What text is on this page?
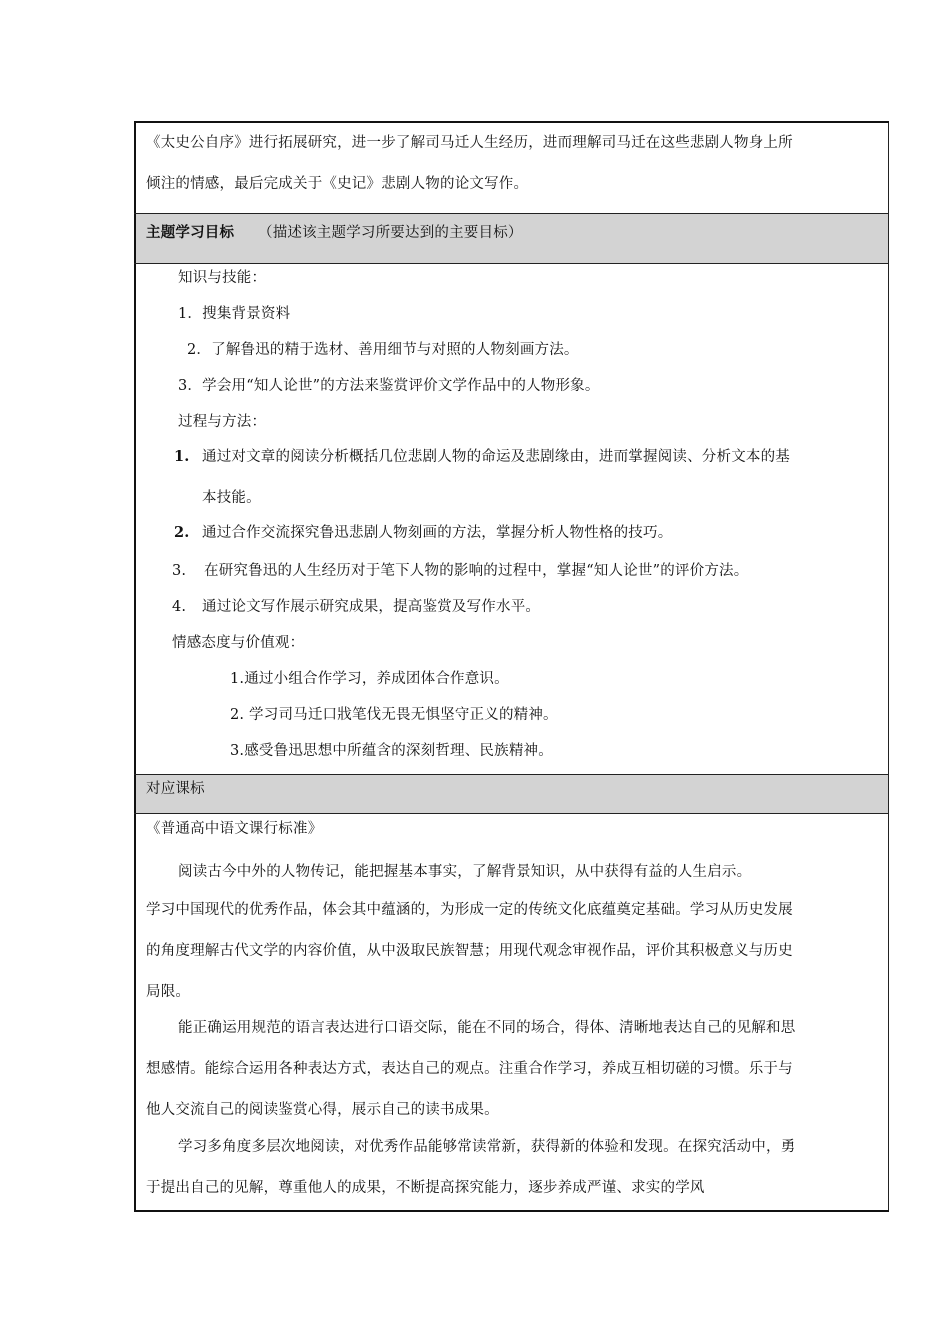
《太史公自序》进行拓展研究，进一步了解司马迁人生经历，进而理解司马迁在这些悲剧人物身上所
倾注的情感，最后完成关于《史记》悲剧人物的论文写作。
主题学习目标 （描述该主题学习所要达到的主要目标）
知识与技能：
1．搜集背景资料
2．了解鲁迅的精于选材、善用细节与对照的人物刻画方法。
3．学会用“知人论世”的方法来鉴赏评价文学作品中的人物形象。
过程与方法：
1. 通过对文章的阅读分析概括几位悲剧人物的命运及悲剧缘由，进而掌握阅读、分析文本的基
本技能。
2. 通过合作交流探究鲁迅悲剧人物刻画的方法，掌握分析人物性格的技巧。
3. 在研究鲁迅的人生经历对于笔下人物的影响的过程中，掌握“知人论世”的评价方法。
4. 通过论文写作展示研究成果，提高鉴赏及写作水平。
情感态度与价值观：
1.通过小组合作学习，养成团体合作意识。
2. 学习司马迁口戕笔伐无畏无惧坚守正义的精神。
3.感受鲁迅思想中所蕴含的深刻哲理、民族精神。
对应课标
《普通高中语文课行标准》
阅读古今中外的人物传记，能把握基本事实，了解背景知识，从中获得有益的人生启示。
学习中国现代的优秀作品，体会其中蕴涵的，为形成一定的传统文化底蕴奠定基础。学习从历史发展
的角度理解古代文学的内容价值，从中汲取民族智慧；用现代观念审视作品，评价其积极意义与历史
局限。
能正确运用规范的语言表达进行口语交际，能在不同的场合，得体、清晰地表达自己的见解和思
想感情。能综合运用各种表达方式，表达自己的观点。注重合作学习，养成互相切磋的习惯。乐于与
他人交流自己的阅读鉴赏心得，展示自己的读书成果。
学习多角度多层次地阅读，对优秀作品能够常读常新，获得新的体验和发现。在探究活动中，勇
于提出自己的见解，尊重他人的成果，不断提高探究能力，逐步养成严谨、求实的学风
